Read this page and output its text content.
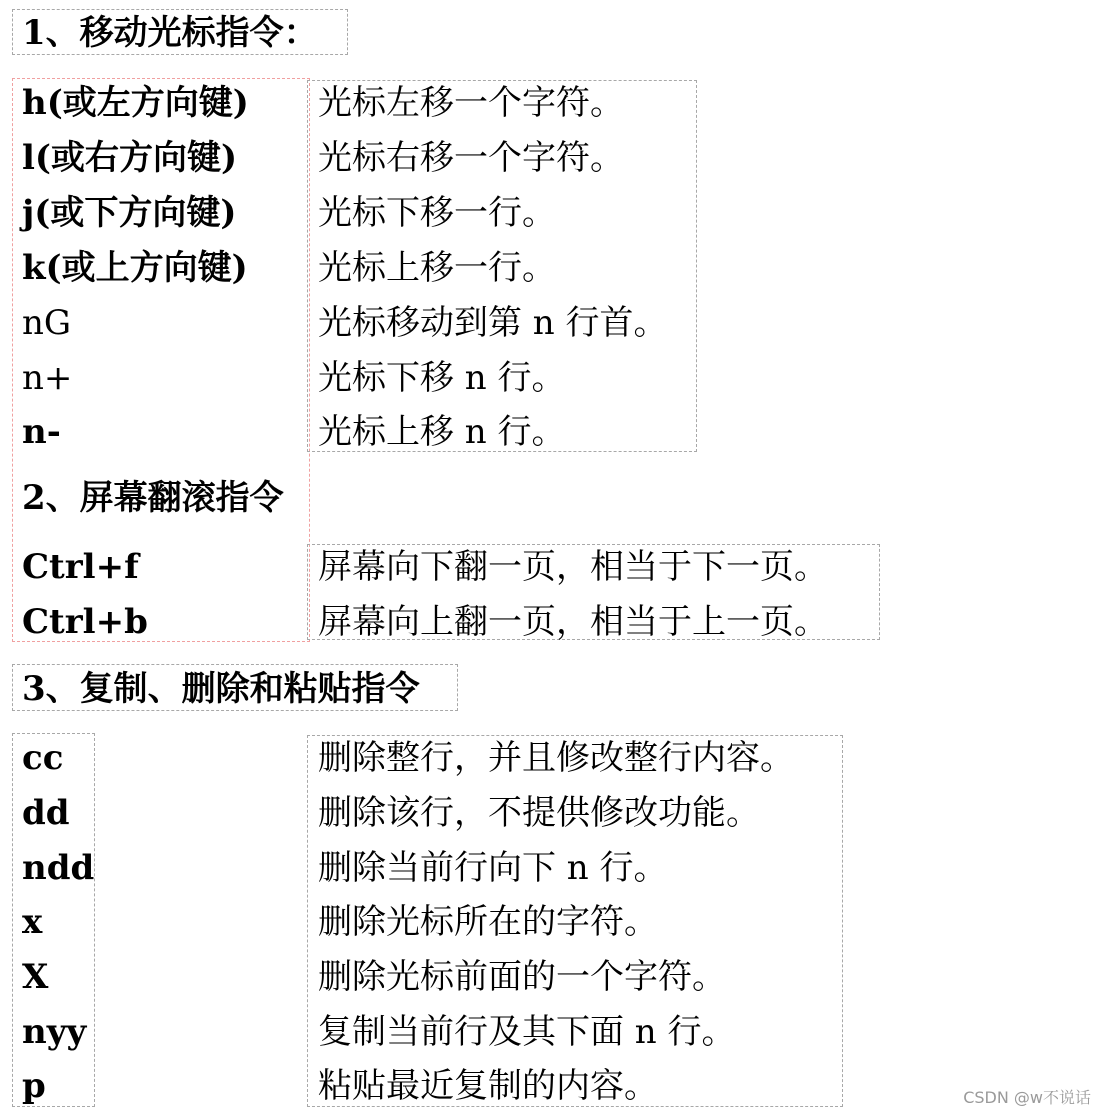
1、移动光标指令：
h(或左方向键) 光标左移一个字符。
l(或右方向键) 光标右移一个字符。
j(或下方向键) 光标下移一行。
k(或上方向键) 光标上移一行。
nG	光标移动到第 n 行首。
n+	光标下移 n 行。
n-	光标上移 n 行。
2、屏幕翻滚指令
Ctrl+f	屏幕向下翻一页，相当于下一页。
Ctrl+b	屏幕向上翻一页，相当于上一页。
3、复制、删除和粘贴指令
cc	删除整行，并且修改整行内容。
dd	删除该行，不提供修改功能。
ndd	删除当前行向下 n 行。
x	删除光标所在的字符。
X	删除光标前面的一个字符。
nyy	复制当前行及其下面 n 行。
p	粘贴最近复制的内容。	CSDN @w不说话
